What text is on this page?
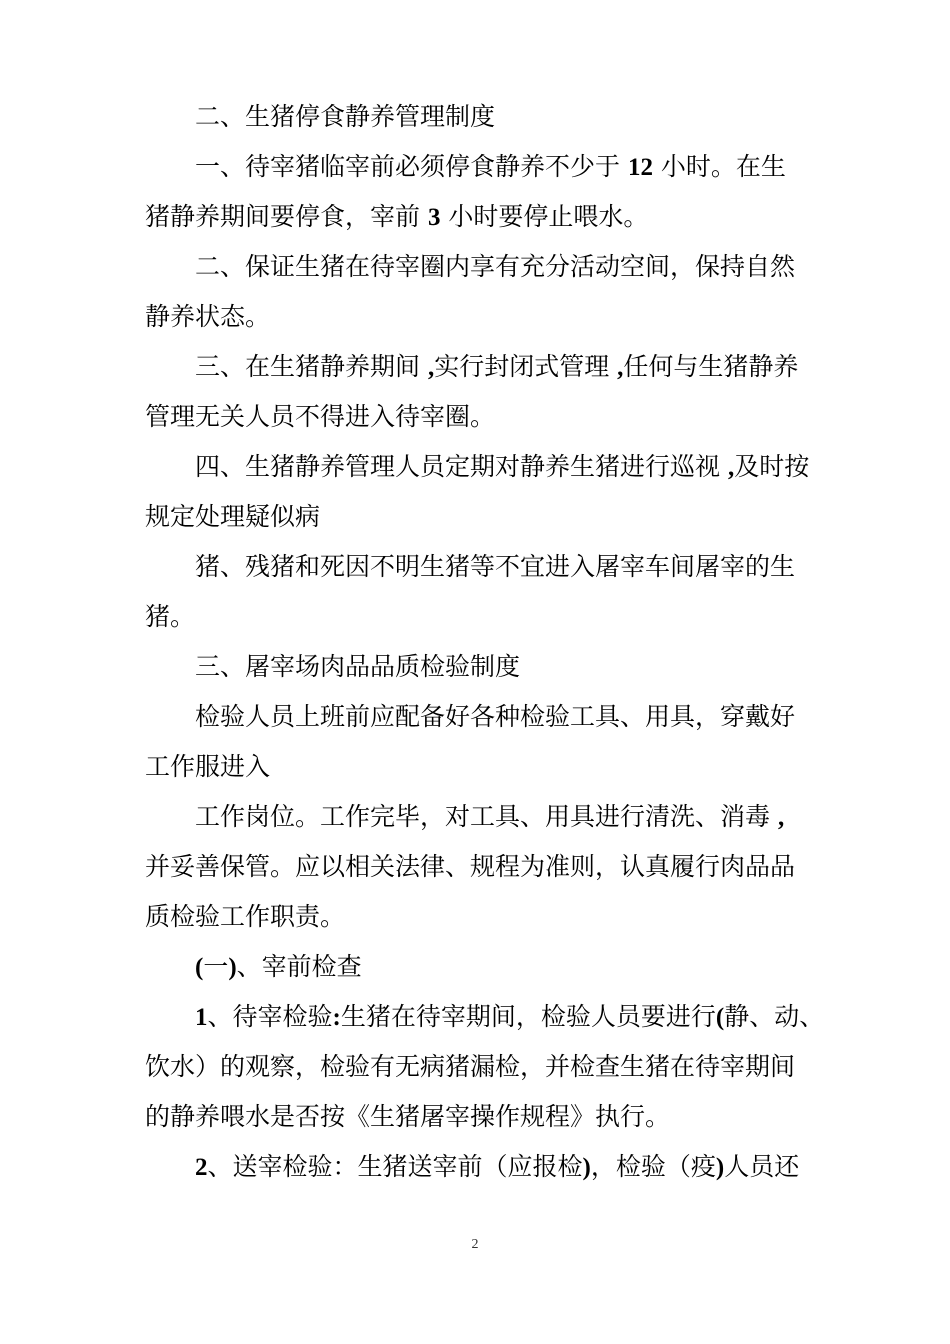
二、生猪停食静养管理制度
一、待宰猪临宰前必须停食静养不少于 12 小时。在生
猪静养期间要停食，宰前 3 小时要停止喂水。
二、保证生猪在待宰圈内享有充分活动空间，保持自然
静养状态。
三、在生猪静养期间 ,实行封闭式管理 ,任何与生猪静养
管理无关人员不得进入待宰圈。
四、生猪静养管理人员定期对静养生猪进行巡视 ,及时按
规定处理疑似病
猪、残猪和死因不明生猪等不宜进入屠宰车间屠宰的生
猪。
三、屠宰场肉品品质检验制度
检验人员上班前应配备好各种检验工具、用具，穿戴好
工作服进入
工作岗位。工作完毕，对工具、用具进行清洗、消毒 ,
并妥善保管。应以相关法律、规程为准则，认真履行肉品品
质检验工作职责。
(一)、宰前检查
1、待宰检验:生猪在待宰期间，检验人员要进行(静、动、
饮水）的观察，检验有无病猪漏检，并检查生猪在待宰期间
的静养喂水是否按《生猪屠宰操作规程》执行。
2、送宰检验：生猪送宰前（应报检)，检验（疫)人员还
2
